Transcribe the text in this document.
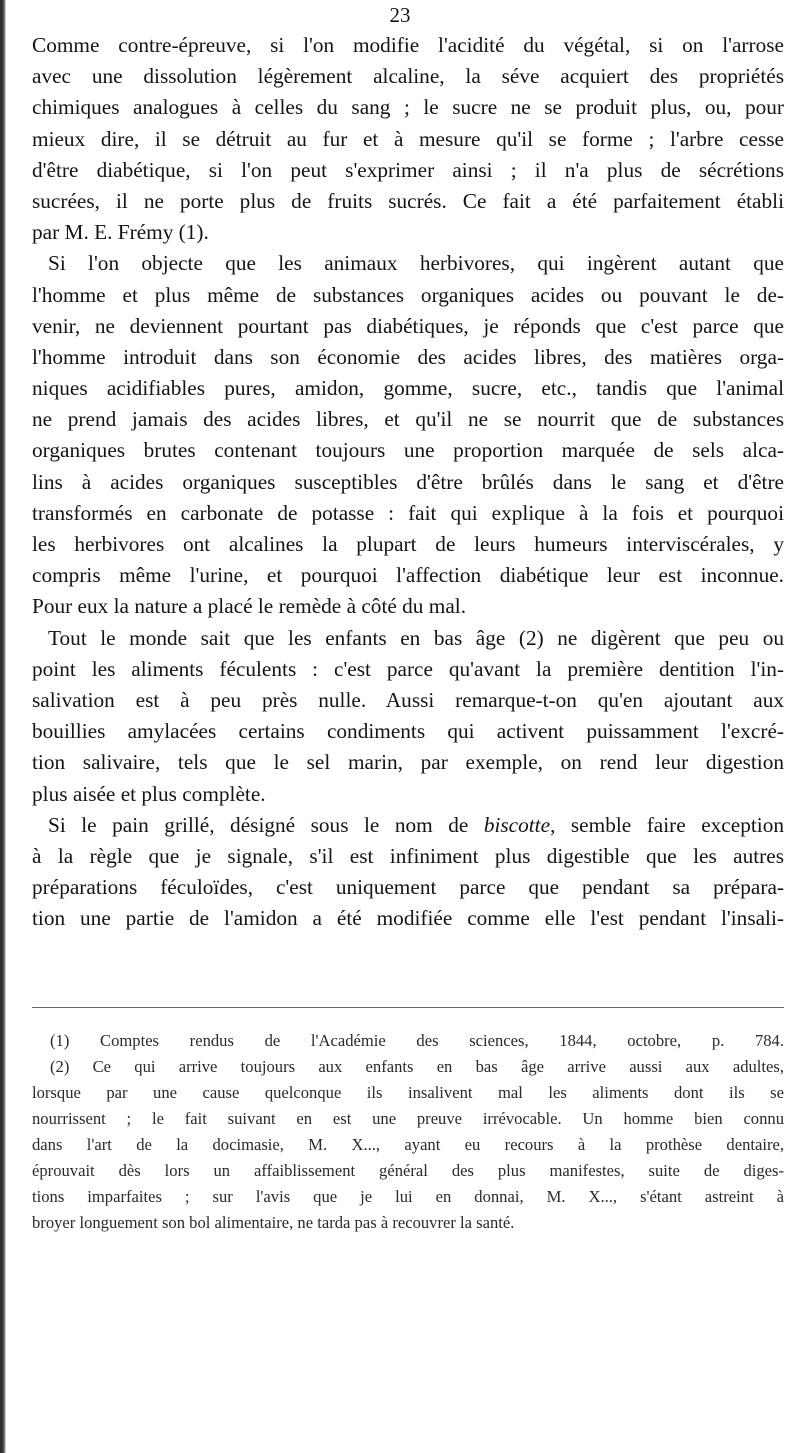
23
Comme contre-épreuve, si l'on modifie l'acidité du végétal, si on l'arrose
avec une dissolution légèrement alcaline, la séve acquiert des propriétés
chimiques analogues à celles du sang ; le sucre ne se produit plus, ou, pour
mieux dire, il se détruit au fur et à mesure qu'il se forme ; l'arbre cesse
d'être diabétique, si l'on peut s'exprimer ainsi ; il n'a plus de sécrétions
sucrées, il ne porte plus de fruits sucrés. Ce fait a été parfaitement établi
par M. E. Frémy (1).
Si l'on objecte que les animaux herbivores, qui ingèrent autant que
l'homme et plus même de substances organiques acides ou pouvant le de-
venir, ne deviennent pourtant pas diabétiques, je réponds que c'est parce que
l'homme introduit dans son économie des acides libres, des matières orga-
niques acidifiables pures, amidon, gomme, sucre, etc., tandis que l'animal
ne prend jamais des acides libres, et qu'il ne se nourrit que de substances
organiques brutes contenant toujours une proportion marquée de sels alca-
lins à acides organiques susceptibles d'être brûlés dans le sang et d'être
transformés en carbonate de potasse : fait qui explique à la fois et pourquoi
les herbivores ont alcalines la plupart de leurs humeurs interviscérales, y
compris même l'urine, et pourquoi l'affection diabétique leur est inconnue.
Pour eux la nature a placé le remède à côté du mal.
Tout le monde sait que les enfants en bas âge (2) ne digèrent que peu ou
point les aliments féculents : c'est parce qu'avant la première dentition l'in-
salivation est à peu près nulle. Aussi remarque-t-on qu'en ajoutant aux
bouillies amylacées certains condiments qui activent puissamment l'excré-
tion salivaire, tels que le sel marin, par exemple, on rend leur digestion
plus aisée et plus complète.
Si le pain grillé, désigné sous le nom de biscotte, semble faire exception
à la règle que je signale, s'il est infiniment plus digestible que les autres
préparations féculoïdes, c'est uniquement parce que pendant sa prépara-
tion une partie de l'amidon a été modifiée comme elle l'est pendant l'insali-
(1) Comptes rendus de l'Académie des sciences, 1844, octobre, p. 784.
(2) Ce qui arrive toujours aux enfants en bas âge arrive aussi aux adultes,
lorsque par une cause quelconque ils insalivent mal les aliments dont ils se
nourrissent ; le fait suivant en est une preuve irrévocable. Un homme bien connu
dans l'art de la docimasie, M. X..., ayant eu recours à la prothèse dentaire,
éprouvait dès lors un affaiblissement général des plus manifestes, suite de diges-
tions imparfaites ; sur l'avis que je lui en donnai, M. X..., s'étant astreint à
broyer longuement son bol alimentaire, ne tarda pas à recouvrer la santé.
